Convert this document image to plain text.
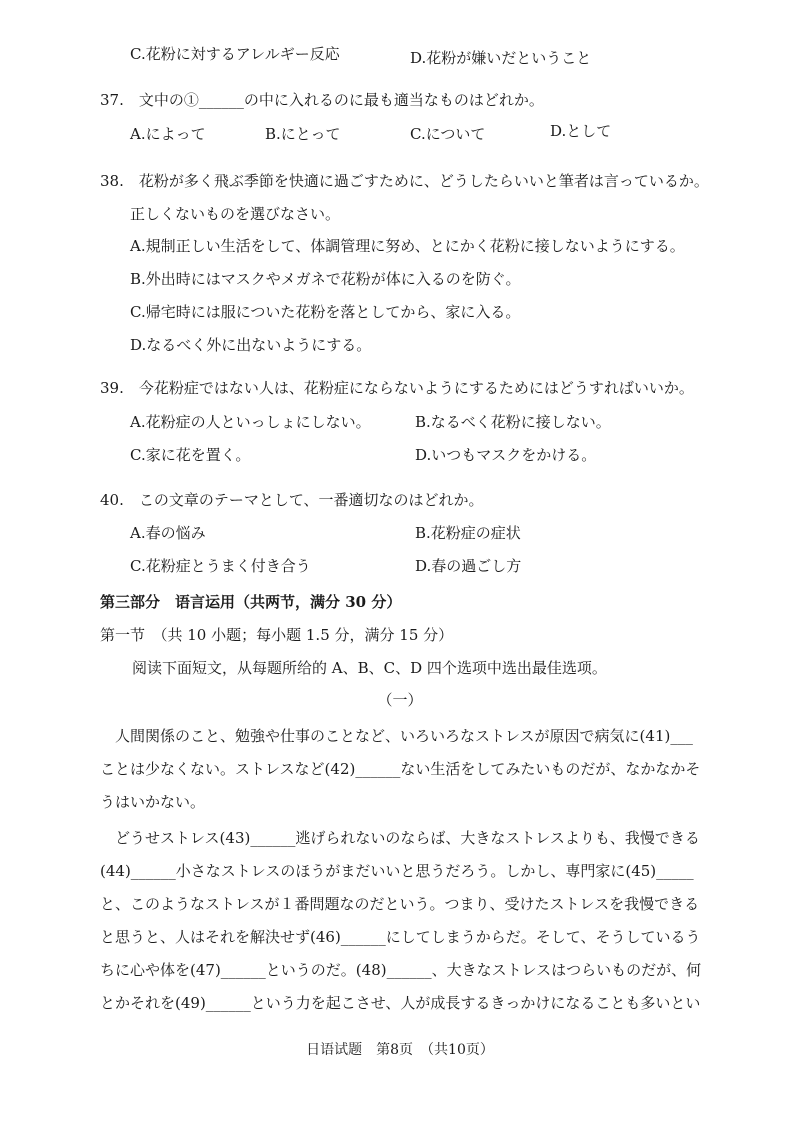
C.花粉に対するアレルギー反応	D.花粉が嫌いだということ
37.　文中の①______の中に入れるのに最も適当なものはどれか。
A.によって	B.にとって	C.について	D.として
38.　花粉が多く飛ぶ季節を快適に過ごすために、どうしたらいいと筆者は言っているか。
正しくないものを選びなさい。
A.規制正しい生活をして、体調管理に努め、とにかく花粉に接しないようにする。
B.外出時にはマスクやメガネで花粉が体に入るのを防ぐ。
C.帰宅時には服についた花粉を落としてから、家に入る。
D.なるべく外に出ないようにする。
39.　今花粉症ではない人は、花粉症にならないようにするためにはどうすればいいか。
A.花粉症の人といっしょにしない。	B.なるべく花粉に接しない。
C.家に花を置く。	D.いつもマスクをかける。
40.　この文章のテーマとして、一番適切なのはどれか。
A.春の悩み	B.花粉症の症状
C.花粉症とうまく付き合う	D.春の過ごし方
第三部分　语言运用（共两节，满分 30 分）
第一节　（共 10 小题；每小题 1.5 分，满分 15 分）
阅读下面短文，从每题所给的 A、B、C、D 四个选项中选出最佳选项。
（一）
人間関係のこと、勉強や仕事のことなど、いろいろなストレスが原因で病気に(41)___
ことは少なくない。ストレスなど(42)______ない生活をしてみたいものだが、なかなかそ
うはいかない。
どうせストレス(43)______逃げられないのならば、大きなストレスよりも、我慢できる
(44)______小さなストレスのほうがまだいいと思うだろう。しかし、専門家に(45)_____
と、このようなストレスが１番問題なのだという。つまり、受けたストレスを我慢できる
と思うと、人はそれを解決せず(46)______にしてしまうからだ。そして、そうしているう
ちに心や体を(47)______というのだ。(48)______、大きなストレスはつらいものだが、何
とかそれを(49)______という力を起こさせ、人が成長するきっかけになることも多いとい
日语试题　第8页　（共10页）
